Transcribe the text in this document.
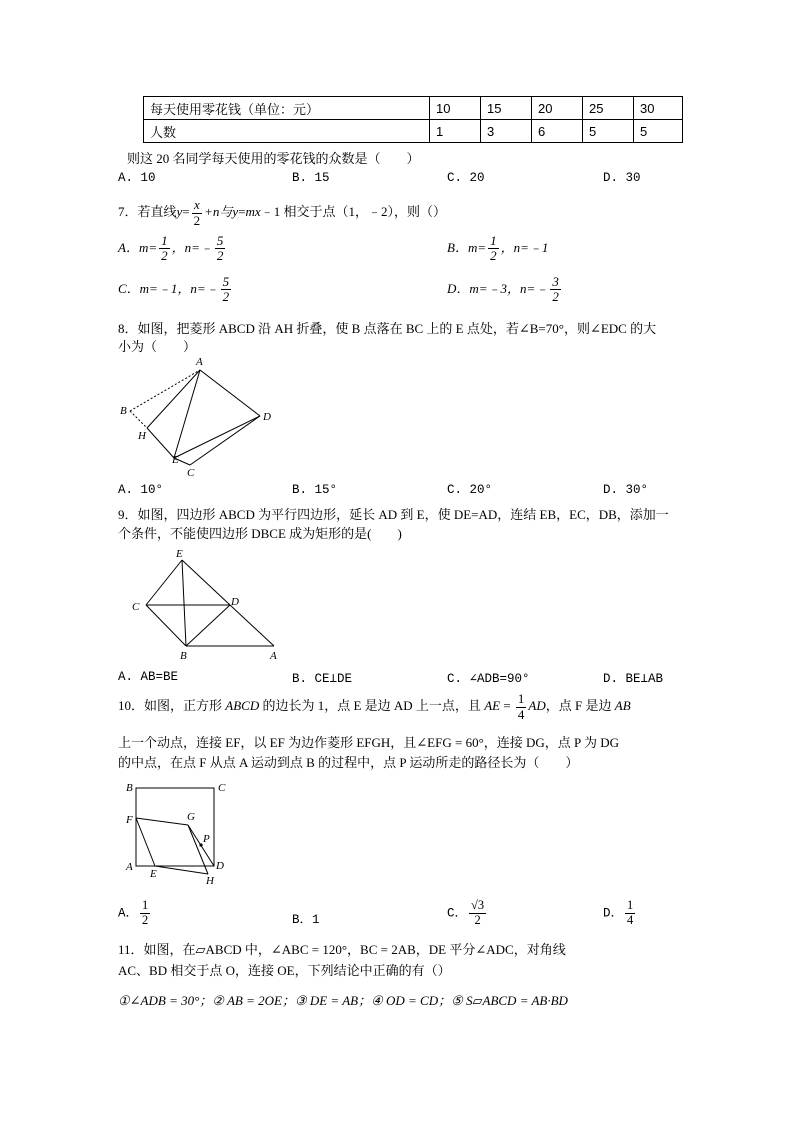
每天使用零花钱（单位：元）	10	15	20	25	30
人数	1	3	6	5	5
则这 20 名同学每天使用的零花钱的众数是（　　）
A. 10	B. 15	C. 20	D. 30
7．若直线$y= \frac{x}{2} +n$与y=mx﹣1 相交于点（1，﹣2），则（）
A．$m= \frac{1}{2}$ ，n=﹣ $\frac{5}{2}$	B．$m= \frac{1}{2}$ ，n=﹣1
C．m=﹣1，n=﹣ $\frac{5}{2}$	D．m=﹣3，n=﹣ $\frac{3}{2}$
8．如图，把菱形 ABCD 沿 AH 折叠，使 B 点落在 BC 上的 E 点处，若∠B=70°，则∠EDC 的大
小为（　　）
A
B
H
E
C
D
A. 10°	B. 15°	C. 20°	D. 30°
9．如图，四边形 ABCD 为平行四边形，延长 AD 到 E，使 DE=AD，连结 EB，EC，DB，添加一
个条件，不能使四边形 DBCE 成为矩形的是(　　)
E
C	D
B	A
A. AB=BE	B. CE⊥DE	C. ∠ADB=90°	D. BE⊥AB
10．如图，正方形 ABCD 的边长为 1，点 E 是边 AD 上一点，且 AE = $\frac{1}{4}$ AD，点 F 是边 AB
上一个动点，连接 EF，以 EF 为边作菱形 EFGH，且∠EFG = 60°，连接 DG，点 P 为 DG
的中点，在点 F 从点 A 运动到点 B 的过程中，点 P 运动所走的路径长为（　　）
B	C
F	G
P
A
E
D
H
A． $\frac{1}{2}$	B．1	C． $\frac{√3}{2}$	D． $\frac{1}{4}$
11．如图，在▱ABCD 中，∠ABC = 120°，BC = 2AB，DE 平分∠ADC，对角线
AC、BD 相交于点 O，连接 OE，下列结论中正确的有（）
①∠ADB = 30°；② AB = 2OE；③ DE = AB；④ OD = CD；⑤ S▱ABCD = AB·BD
